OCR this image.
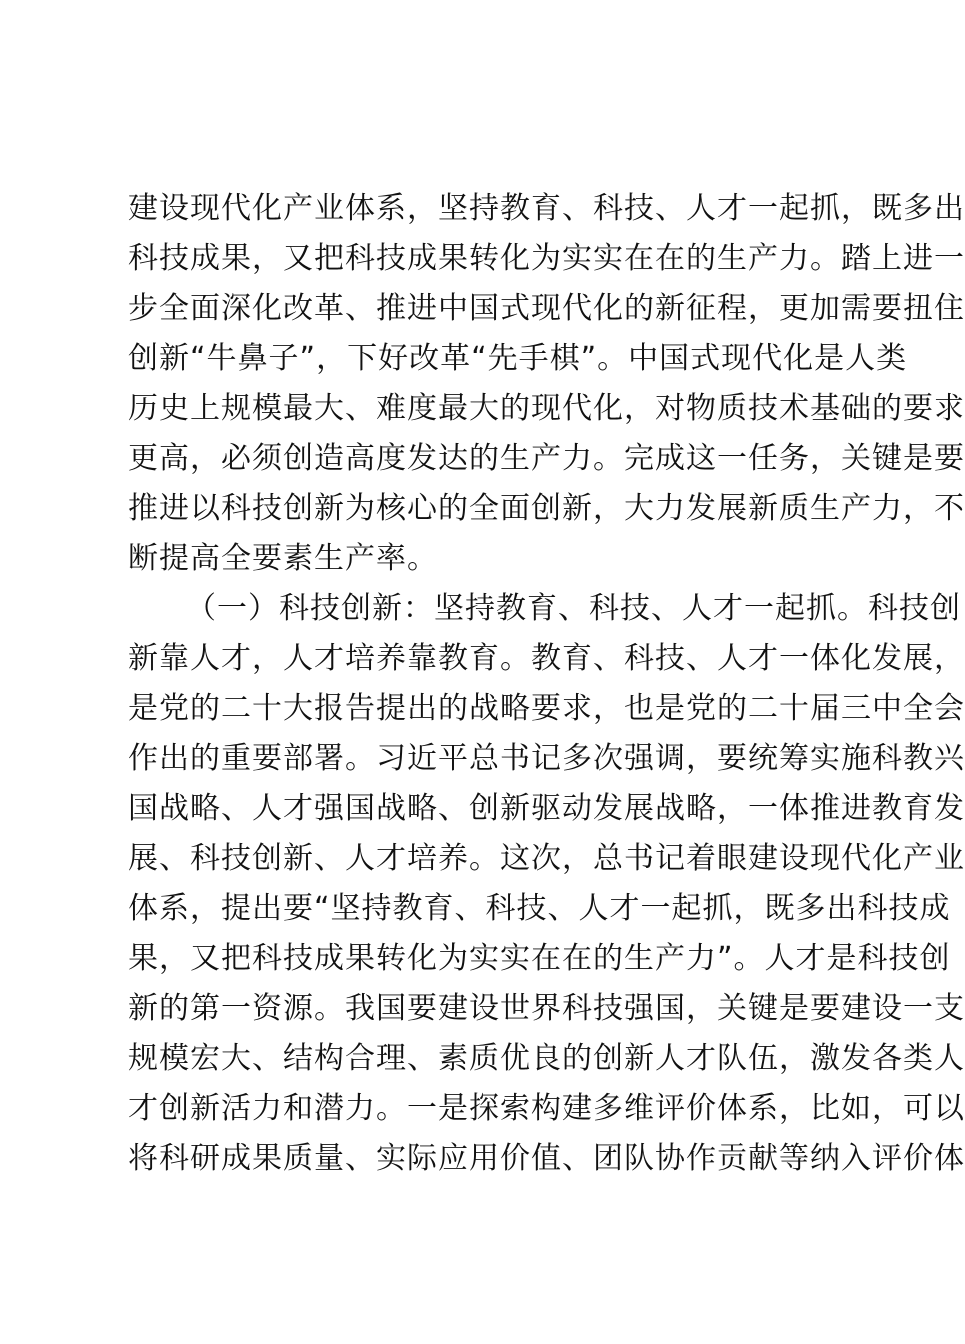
建设现代化产业体系，坚持教育、科技、人才一起抓，既多出
科技成果，又把科技成果转化为实实在在的生产力。踏上进一
步全面深化改革、推进中国式现代化的新征程，更加需要扭住
创新“牛鼻子”，下好改革“先手棋”。中国式现代化是人类
历史上规模最大、难度最大的现代化，对物质技术基础的要求
更高，必须创造高度发达的生产力。完成这一任务，关键是要
推进以科技创新为核心的全面创新，大力发展新质生产力，不
断提高全要素生产率。
（一）科技创新：坚持教育、科技、人才一起抓。科技创
新靠人才，人才培养靠教育。教育、科技、人才一体化发展，
是党的二十大报告提出的战略要求，也是党的二十届三中全会
作出的重要部署。习近平总书记多次强调，要统筹实施科教兴
国战略、人才强国战略、创新驱动发展战略，一体推进教育发
展、科技创新、人才培养。这次，总书记着眼建设现代化产业
体系，提出要“坚持教育、科技、人才一起抓，既多出科技成
果，又把科技成果转化为实实在在的生产力”。人才是科技创
新的第一资源。我国要建设世界科技强国，关键是要建设一支
规模宏大、结构合理、素质优良的创新人才队伍，激发各类人
才创新活力和潜力。一是探索构建多维评价体系，比如，可以
将科研成果质量、实际应用价值、团队协作贡献等纳入评价体
